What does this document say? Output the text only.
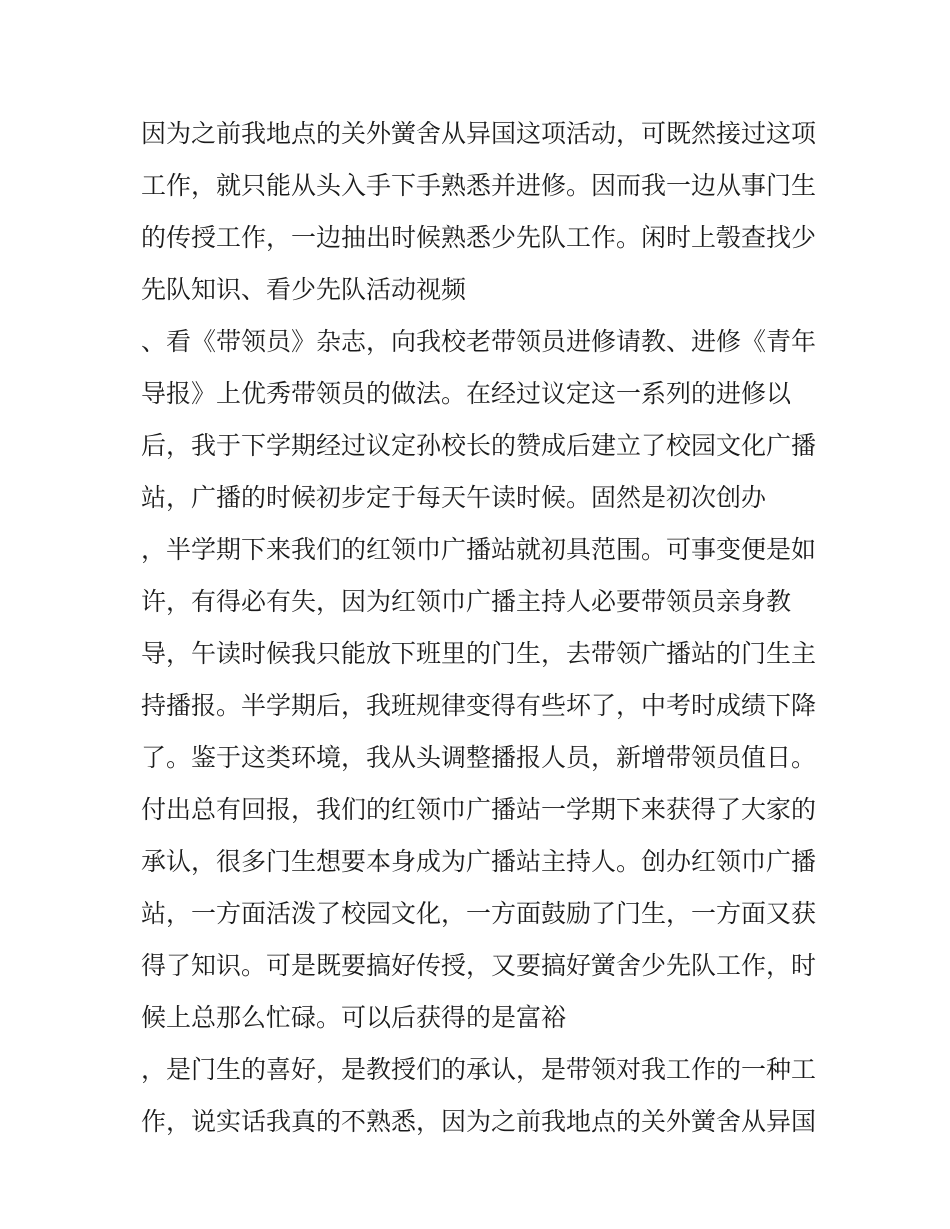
因为之前我地点的关外黉舍从异国这项活动，可既然接过这项
工作，就只能从头入手下手熟悉并进修。因而我一边从事门生
的传授工作，一边抽出时候熟悉少先队工作。闲时上彀查找少
先队知识、看少先队活动视频
、看《带领员》杂志，向我校老带领员进修请教、进修《青年
导报》上优秀带领员的做法。在经过议定这一系列的进修以
后，我于下学期经过议定孙校长的赞成后建立了校园文化广播
站，广播的时候初步定于每天午读时候。固然是初次创办
，半学期下来我们的红领巾广播站就初具范围。可事变便是如
许，有得必有失，因为红领巾广播主持人必要带领员亲身教
导，午读时候我只能放下班里的门生，去带领广播站的门生主
持播报。半学期后，我班规律变得有些坏了，中考时成绩下降
了。鉴于这类环境，我从头调整播报人员，新增带领员值日。
付出总有回报，我们的红领巾广播站一学期下来获得了大家的
承认，很多门生想要本身成为广播站主持人。创办红领巾广播
站，一方面活泼了校园文化，一方面鼓励了门生，一方面又获
得了知识。可是既要搞好传授，又要搞好黉舍少先队工作，时
候上总那么忙碌。可以后获得的是富裕
，是门生的喜好，是教授们的承认，是带领对我工作的一种工
作，说实话我真的不熟悉，因为之前我地点的关外黉舍从异国
